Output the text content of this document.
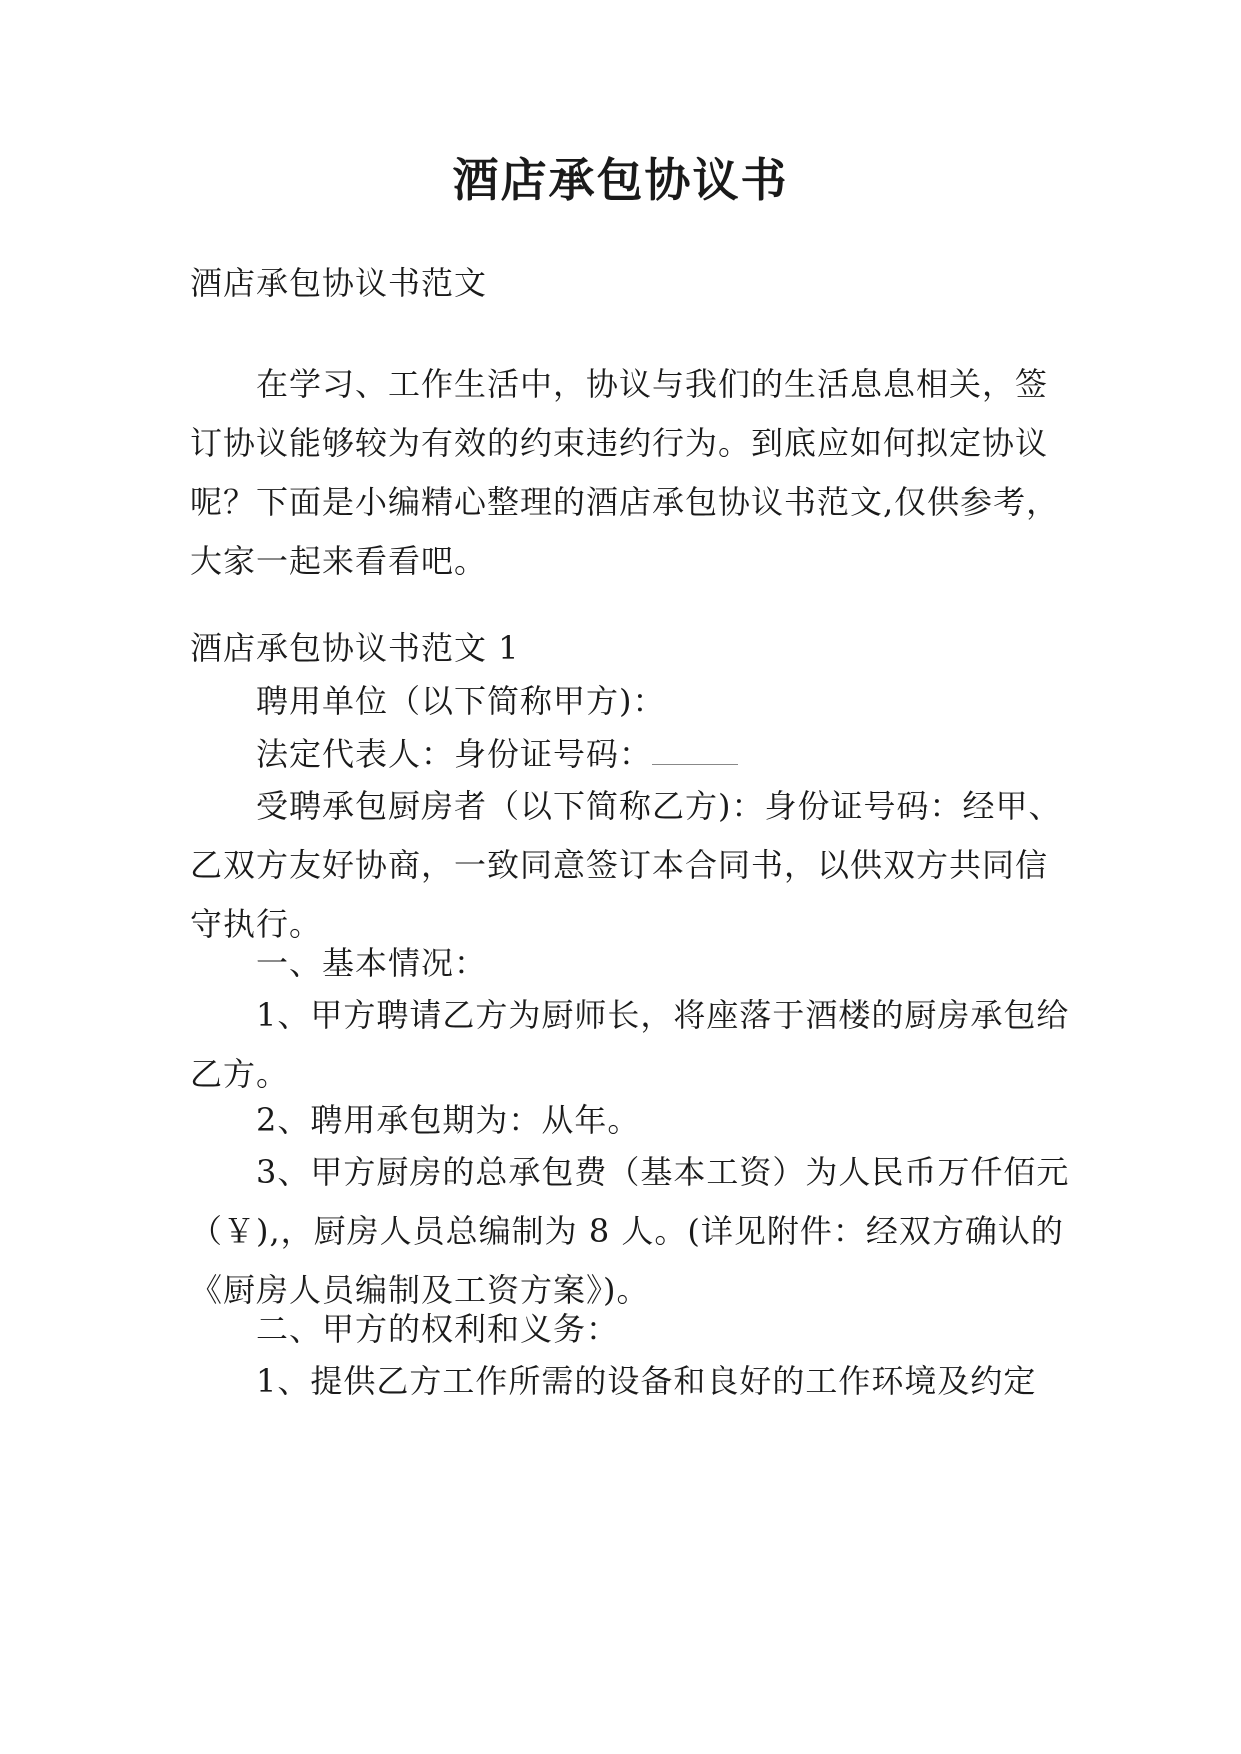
酒店承包协议书

酒店承包协议书范文

在学习、工作生活中，协议与我们的生活息息相关，签订协议能够较为有效的约束违约行为。到底应如何拟定协议呢？下面是小编精心整理的酒店承包协议书范文,仅供参考，大家一起来看看吧。

酒店承包协议书范文 1

聘用单位（以下简称甲方)：

法定代表人：身份证号码：

受聘承包厨房者（以下简称乙方)：身份证号码：经甲、乙双方友好协商，一致同意签订本合同书，以供双方共同信守执行。

一、基本情况：

1、甲方聘请乙方为厨师长，将座落于酒楼的厨房承包给乙方。

2、聘用承包期为：从年。

3、甲方厨房的总承包费（基本工资）为人民币万仟佰元（￥),，厨房人员总编制为 8 人。(详见附件：经双方确认的《厨房人员编制及工资方案》)。

二、甲方的权利和义务：

1、提供乙方工作所需的设备和良好的工作环境及约定
